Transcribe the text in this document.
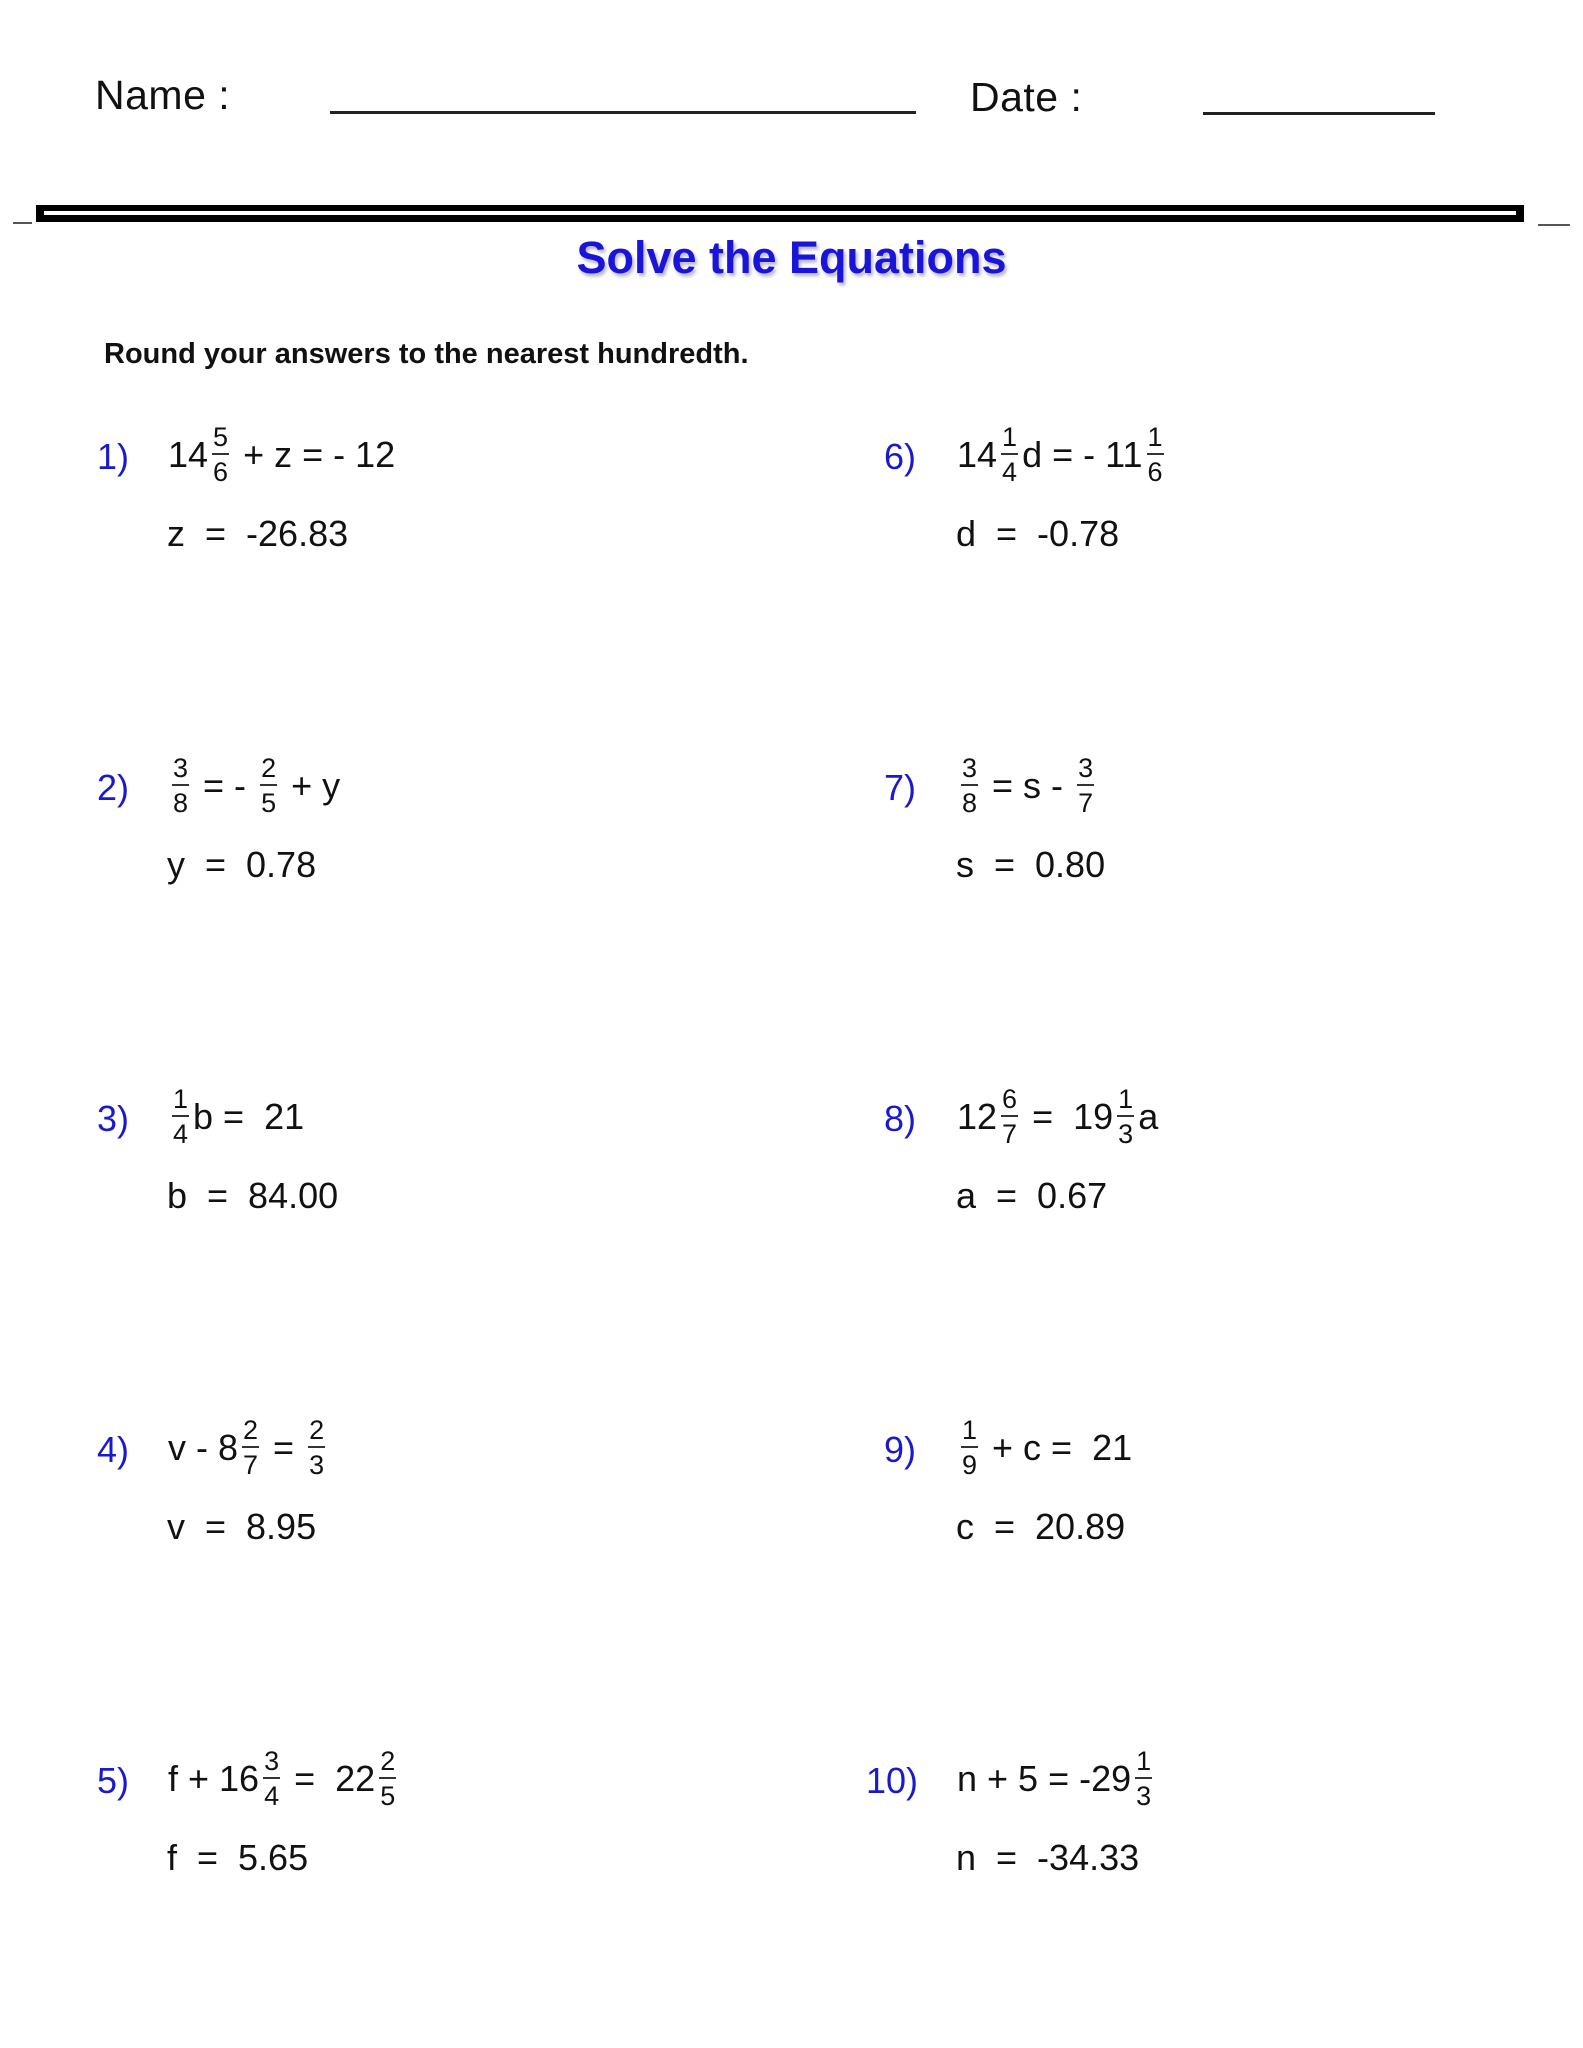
Name :	Date :
Solve the Equations
Round your answers to the nearest hundredth.
1) $14 \frac{5}{6} + z$ = - 12
z  =  -26.83
$2) \frac{3}{8}$ = - $\frac{2}{5} + y$
y  =  0.78
$3) \frac{1}{4}$ b =  21
b  =  84.00
4) $v - 8 \frac{2}{7} = \frac{2}{3}$
v  =  8.95
5) $f + 16 \frac{3}{4} = 22 \frac{2}{5}$
f  =  5.65
6) $14 \frac{1}{4}$ d = - $11 \frac{1}{6}$
d  =  -0.78
$7) \frac{3}{8} = s - \frac{3}{7}$
s  =  0.80
8) $12 \frac{6}{7} = 19 \frac{1}{3}$ a
a  =  0.67
$9) \frac{1}{9} + c = 21$
c  =  20.89
10) $n + 5 = -29 \frac{1}{3}$
n  =  -34.33
